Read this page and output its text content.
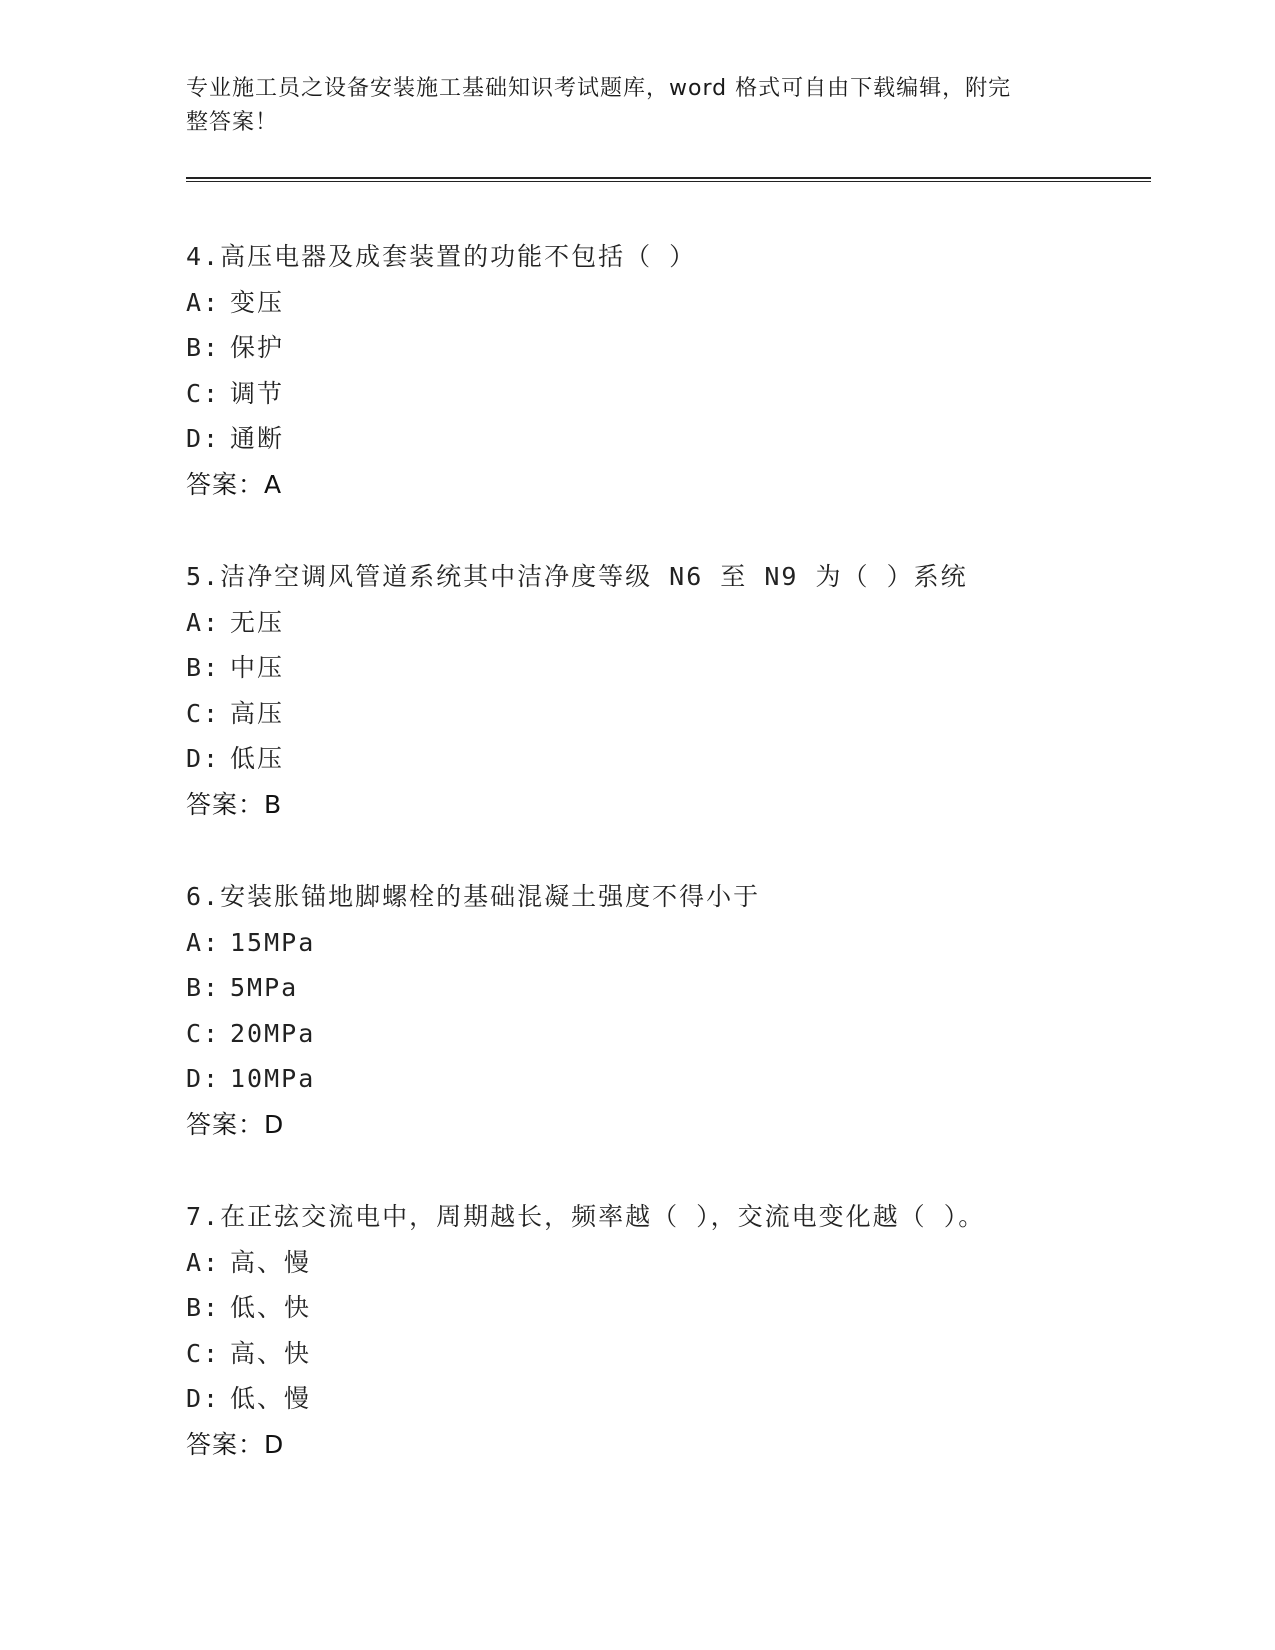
专业施工员之设备安装施工基础知识考试题库，word 格式可自由下载编辑，附完
整答案！
4.高压电器及成套装置的功能不包括（ ）
A: 变压
B: 保护
C: 调节
D: 通断
答案：A
5.洁净空调风管道系统其中洁净度等级 N6 至 N9 为（ ）系统
A: 无压
B: 中压
C: 高压
D: 低压
答案：B
6.安装胀锚地脚螺栓的基础混凝土强度不得小于
A: 15MPa
B: 5MPa
C: 20MPa
D: 10MPa
答案：D
7.在正弦交流电中，周期越长，频率越（ ），交流电变化越（ ）。
A: 高、慢
B: 低、快
C: 高、快
D: 低、慢
答案：D
